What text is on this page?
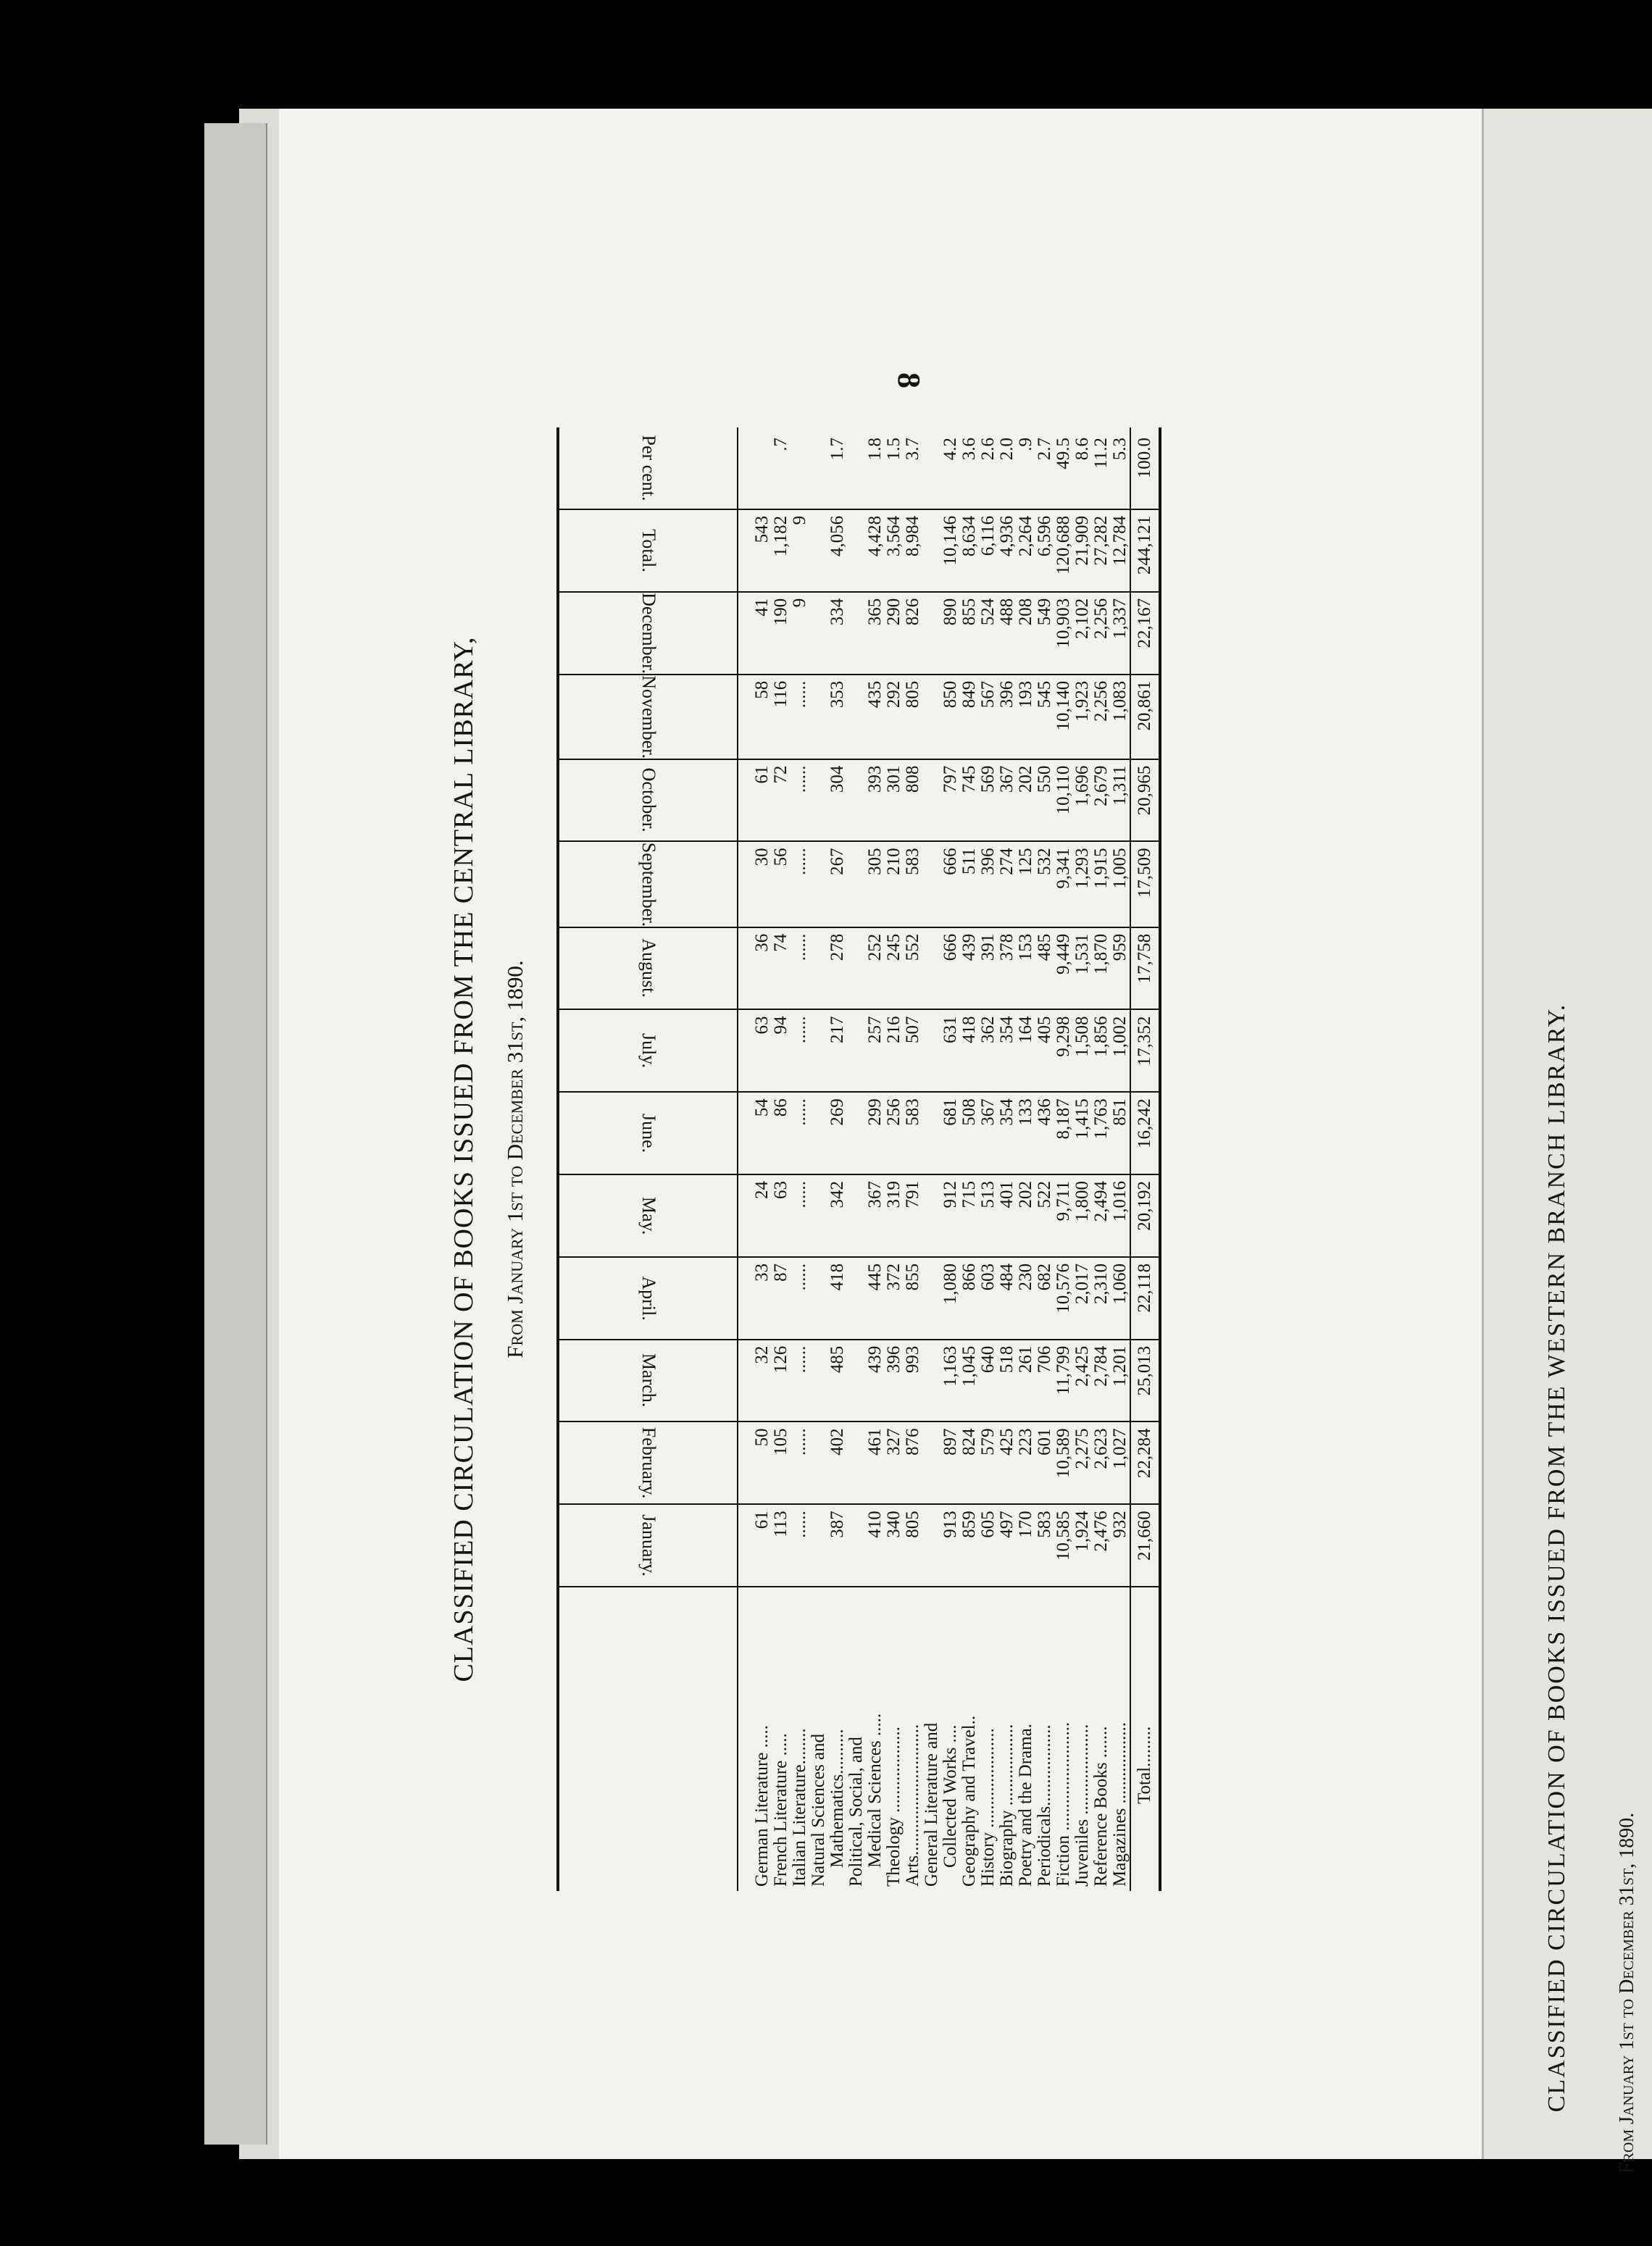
8
CLASSIFIED CIRCULATION OF BOOKS ISSUED FROM THE CENTRAL LIBRARY, From January 1st to December 31st, 1890.

	January.	February.	March.	April.	May.	June.	July.	August.	September.	October.	November.	December.	Total.	Per cent.

German Literature .....	61	50	32	33	24	54	63	36	30	61	58	41	543	

French Literature .....	113	105	126	87	63	86	94	74	56	72	116	190	1,182	.7

Italian Literature........	......	......	......	......	......	......	......	......	......	......	......	9	9	

Natural Sciences and Mathematics..........	387	402	485	418	342	269	217	278	267	304	353	334	4,056	1.7

Political, Social, and Medical Sciences .....	410	461	439	445	367	299	257	252	305	393	435	365	4,428	1.8

Theology ...................	340	327	396	372	319	256	216	245	210	301	292	290	3,564	1.5

Arts.............................	805	876	993	855	791	583	507	552	583	808	805	826	8,984	3.7

General Literature and Collected Works ....	913	897	1,163	1,080	912	681	631	666	666	797	850	890	10,146	4.2

Geography and Travel..	859	824	1,045	866	715	508	418	439	511	745	849	855	8,634	3.6

History ......................	605	579	640	603	513	367	362	391	396	569	567	524	6,116	2.6

Biography ..................	497	425	518	484	401	354	354	378	274	367	396	488	4,936	2.0

Poetry and the Drama.	170	223	261	230	202	133	164	153	125	202	193	208	2,264	.9

Periodicals..................	583	601	706	682	522	436	405	485	532	550	545	549	6,596	2.7

Fiction ........................	10,585	10,589	11,799	10,576	9,711	8,187	9,298	9,449	9,341	10,110	10,140	10,903	120,688	49.5

Juveniles ....................	1,924	2,275	2,425	2,017	1,800	1,415	1,508	1,531	1,293	1,696	1,923	2,102	21,909	8.6

Reference Books .......	2,476	2,623	2,784	2,310	2,494	1,763	1,856	1,870	1,915	2,679	2,256	2,256	27,282	11.2

Magazines ..................	932	1,027	1,201	1,060	1,016	851	1,002	959	1,005	1,311	1,083	1,337	12,784	5.3
Total.........	21,660	22,284	25,013	22,118	20,192	16,242	17,352	17,758	17,509	20,965	20,861	22,167	244,121	100.0
CLASSIFIED CIRCULATION OF BOOKS ISSUED FROM THE WESTERN BRANCH LIBRARY.	From January 1st to December 31st, 1890.
